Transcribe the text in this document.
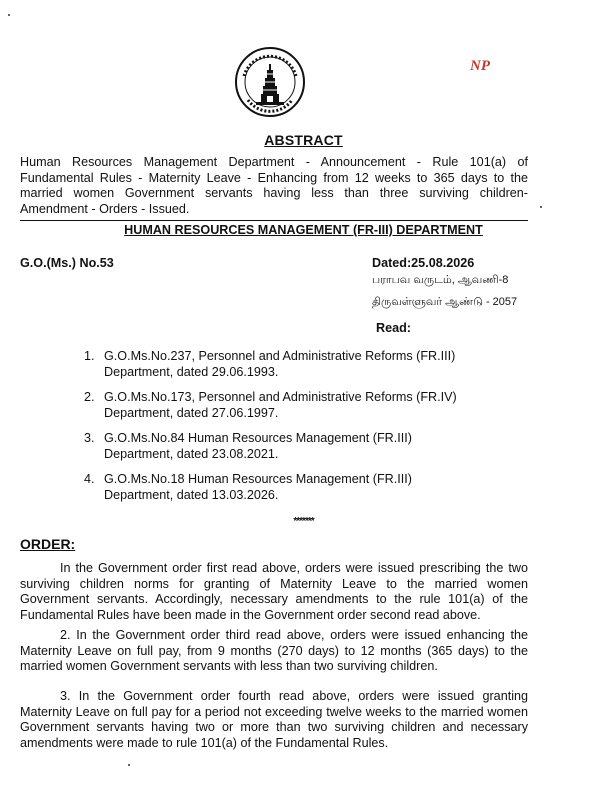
NP
ABSTRACT
Human Resources Management Department - Announcement - Rule 101(a) of Fundamental Rules - Maternity Leave - Enhancing from 12 weeks to 365 days to the married women Government servants having less than three surviving children- Amendment - Orders - Issued.
HUMAN RESOURCES MANAGEMENT (FR-III) DEPARTMENT
G.O.(Ms.) No.53	Dated:25.08.2026
பராபவ வருடம், ஆவணி-8
திருவள்ளுவர் ஆண்டு - 2057
Read:
1. G.O.Ms.No.237, Personnel and Administrative Reforms (FR.III) Department, dated 29.06.1993.
2. G.O.Ms.No.173, Personnel and Administrative Reforms (FR.IV) Department, dated 27.06.1997.
3. G.O.Ms.No.84 Human Resources Management (FR.III) Department, dated 23.08.2021.
4. G.O.Ms.No.18 Human Resources Management (FR.III) Department, dated 13.03.2026.
*******
ORDER:

In the Government order first read above, orders were issued prescribing the two surviving children norms for granting of Maternity Leave to the married women Government servants. Accordingly, necessary amendments to the rule 101(a) of the Fundamental Rules have been made in the Government order second read above.

2. In the Government order third read above, orders were issued enhancing the Maternity Leave on full pay, from 9 months (270 days) to 12 months (365 days) to the married women Government servants with less than two surviving children.

3. In the Government order fourth read above, orders were issued granting Maternity Leave on full pay for a period not exceeding twelve weeks to the married women Government servants having two or more than two surviving children and necessary amendments were made to rule 101(a) of the Fundamental Rules.
